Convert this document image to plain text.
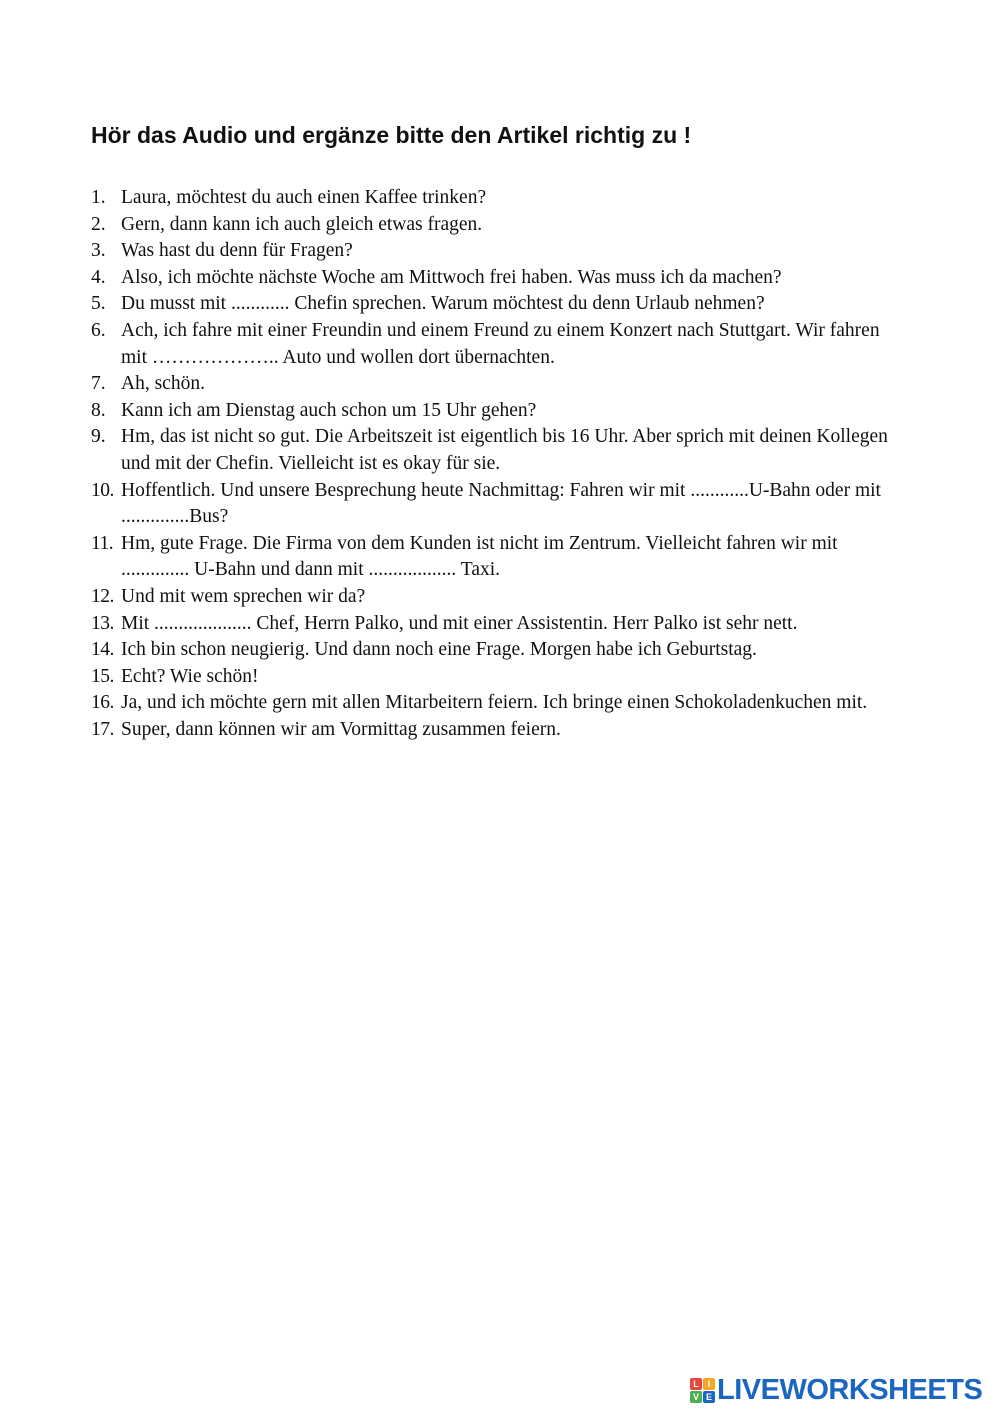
Hör das Audio und ergänze bitte den Artikel richtig zu !
1. Laura, möchtest du auch einen Kaffee trinken?
2. Gern, dann kann ich auch gleich etwas fragen.
3. Was hast du denn für Fragen?
4. Also, ich möchte nächste Woche am Mittwoch frei haben. Was muss ich da machen?
5. Du musst mit ............ Chefin sprechen. Warum möchtest du denn Urlaub nehmen?
6. Ach, ich fahre mit einer Freundin und einem Freund zu einem Konzert nach Stuttgart. Wir fahren mit ……………….. Auto und wollen dort übernachten.
7. Ah, schön.
8. Kann ich am Dienstag auch schon um 15 Uhr gehen?
9. Hm, das ist nicht so gut. Die Arbeitszeit ist eigentlich bis 16 Uhr. Aber sprich mit deinen Kollegen und mit der Chefin. Vielleicht ist es okay für sie.
10. Hoffentlich. Und unsere Besprechung heute Nachmittag: Fahren wir mit ............U-Bahn oder mit ..............Bus?
11. Hm, gute Frage. Die Firma von dem Kunden ist nicht im Zentrum. Vielleicht fahren wir mit .............. U-Bahn und dann mit .................. Taxi.
12. Und mit wem sprechen wir da?
13. Mit .................... Chef, Herrn Palko, und mit einer Assistentin. Herr Palko ist sehr nett.
14. Ich bin schon neugierig. Und dann noch eine Frage. Morgen habe ich Geburtstag.
15. Echt? Wie schön!
16. Ja, und ich möchte gern mit allen Mitarbeitern feiern. Ich bringe einen Schokoladenkuchen mit.
17. Super, dann können wir am Vormittag zusammen feiern.
L I
V E LIVEWORKSHEETS
